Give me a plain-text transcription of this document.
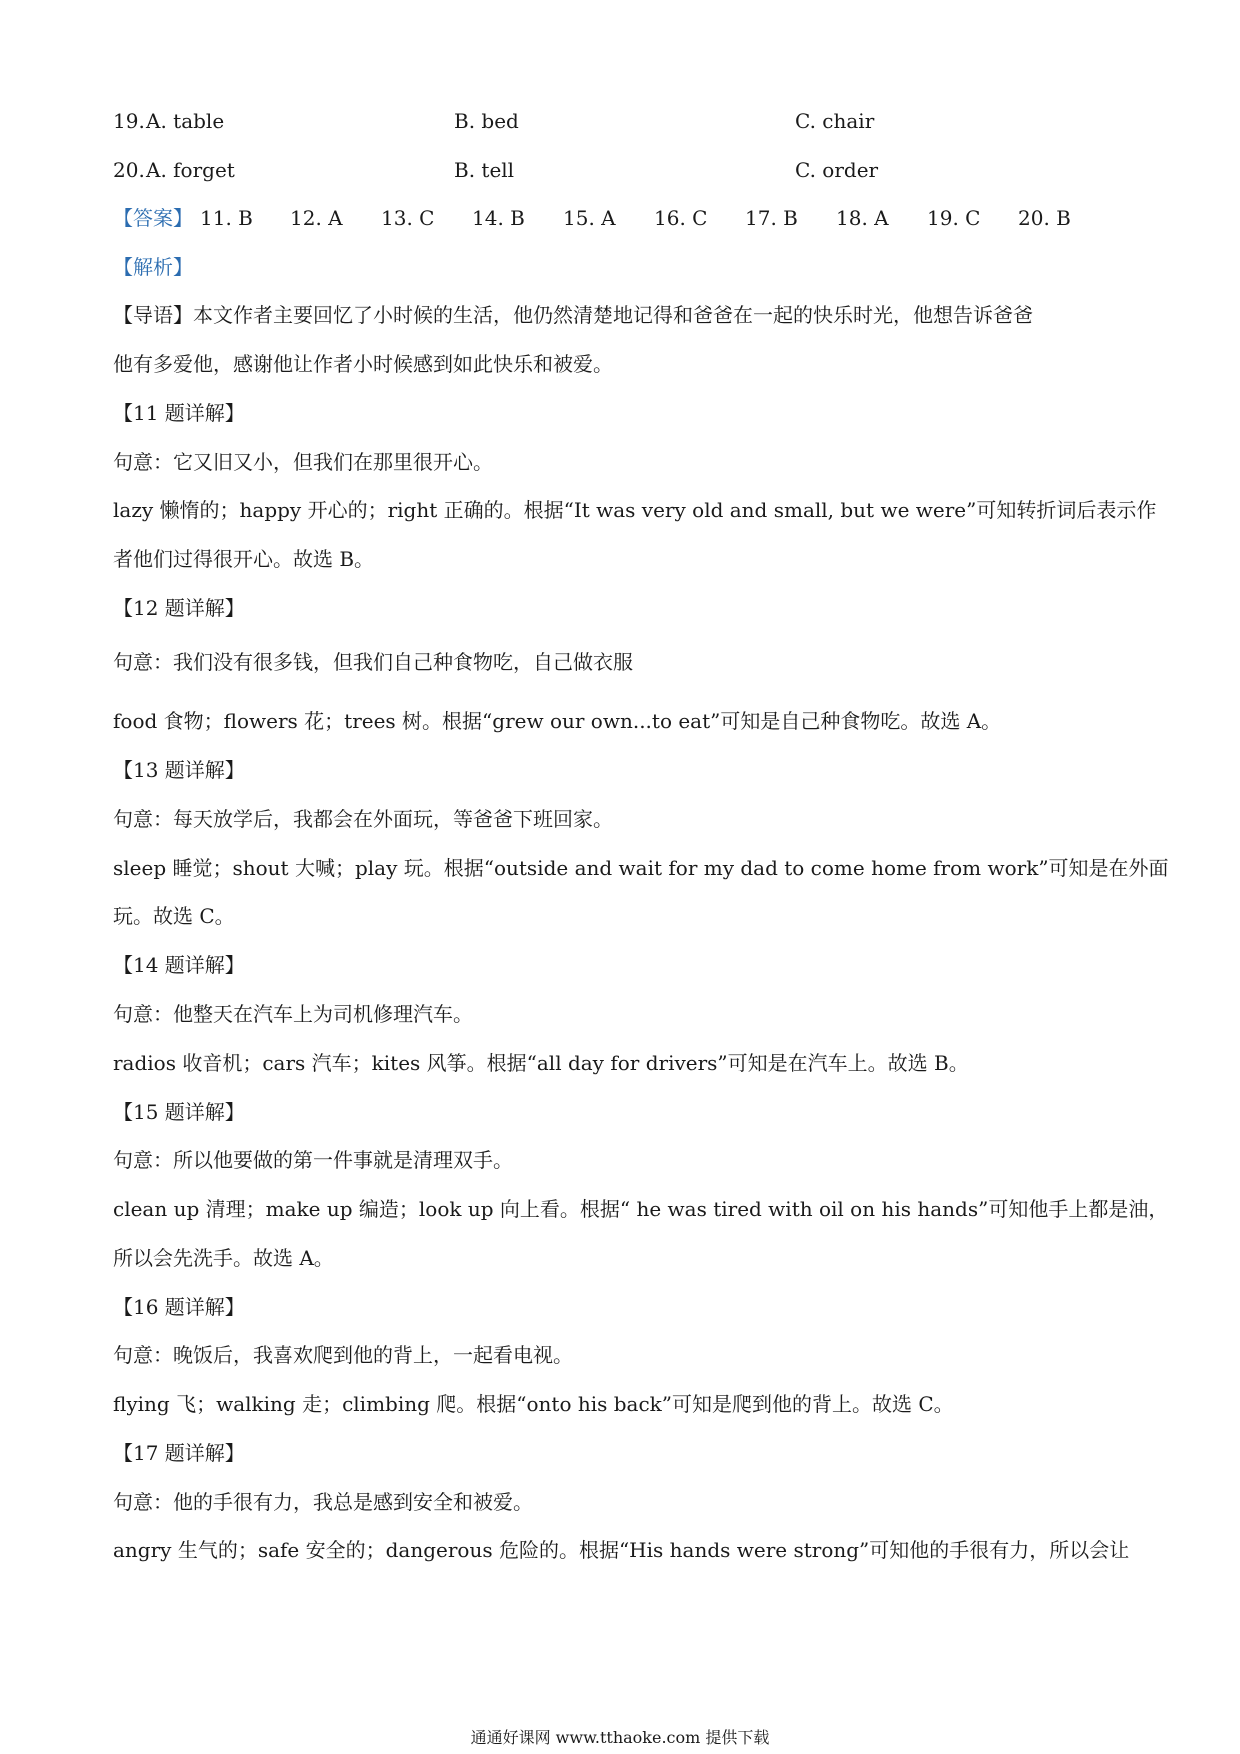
19. A. table	B. bed	C. chair
20. A. forget	B. tell	C. order
【答案】 11. B 12. A 13. C 14. B 15. A 16. C 17. B 18. A 19. C 20. B
【解析】
【导语】本文作者主要回忆了小时候的生活，他仍然清楚地记得和爸爸在一起的快乐时光，他想告诉爸爸
他有多爱他，感谢他让作者小时候感到如此快乐和被爱。
【11 题详解】
句意：它又旧又小，但我们在那里很开心。
lazy 懒惰的；happy 开心的；right 正确的。根据“It was very old and small, but we were”可知转折词后表示作
者他们过得很开心。故选 B。
【12 题详解】
句意：我们没有很多钱，但我们自己种食物吃，自己做衣服
food 食物；flowers 花；trees 树。根据“grew our own...to eat”可知是自己种食物吃。故选 A。
【13 题详解】
句意：每天放学后，我都会在外面玩，等爸爸下班回家。
sleep 睡觉；shout 大喊；play 玩。根据“outside and wait for my dad to come home from work”可知是在外面
玩。故选 C。
【14 题详解】
句意：他整天在汽车上为司机修理汽车。
radios 收音机；cars 汽车；kites 风筝。根据“all day for drivers”可知是在汽车上。故选 B。
【15 题详解】
句意：所以他要做的第一件事就是清理双手。
clean up 清理；make up 编造；look up 向上看。根据“ he was tired with oil on his hands”可知他手上都是油，
所以会先洗手。故选 A。
【16 题详解】
句意：晚饭后，我喜欢爬到他的背上，一起看电视。
flying 飞；walking 走；climbing 爬。根据“onto his back”可知是爬到他的背上。故选 C。
【17 题详解】
句意：他的手很有力，我总是感到安全和被爱。
angry 生气的；safe 安全的；dangerous 危险的。根据“His hands were strong”可知他的手很有力，所以会让
通通好课网 www.tthaoke.com 提供下载
